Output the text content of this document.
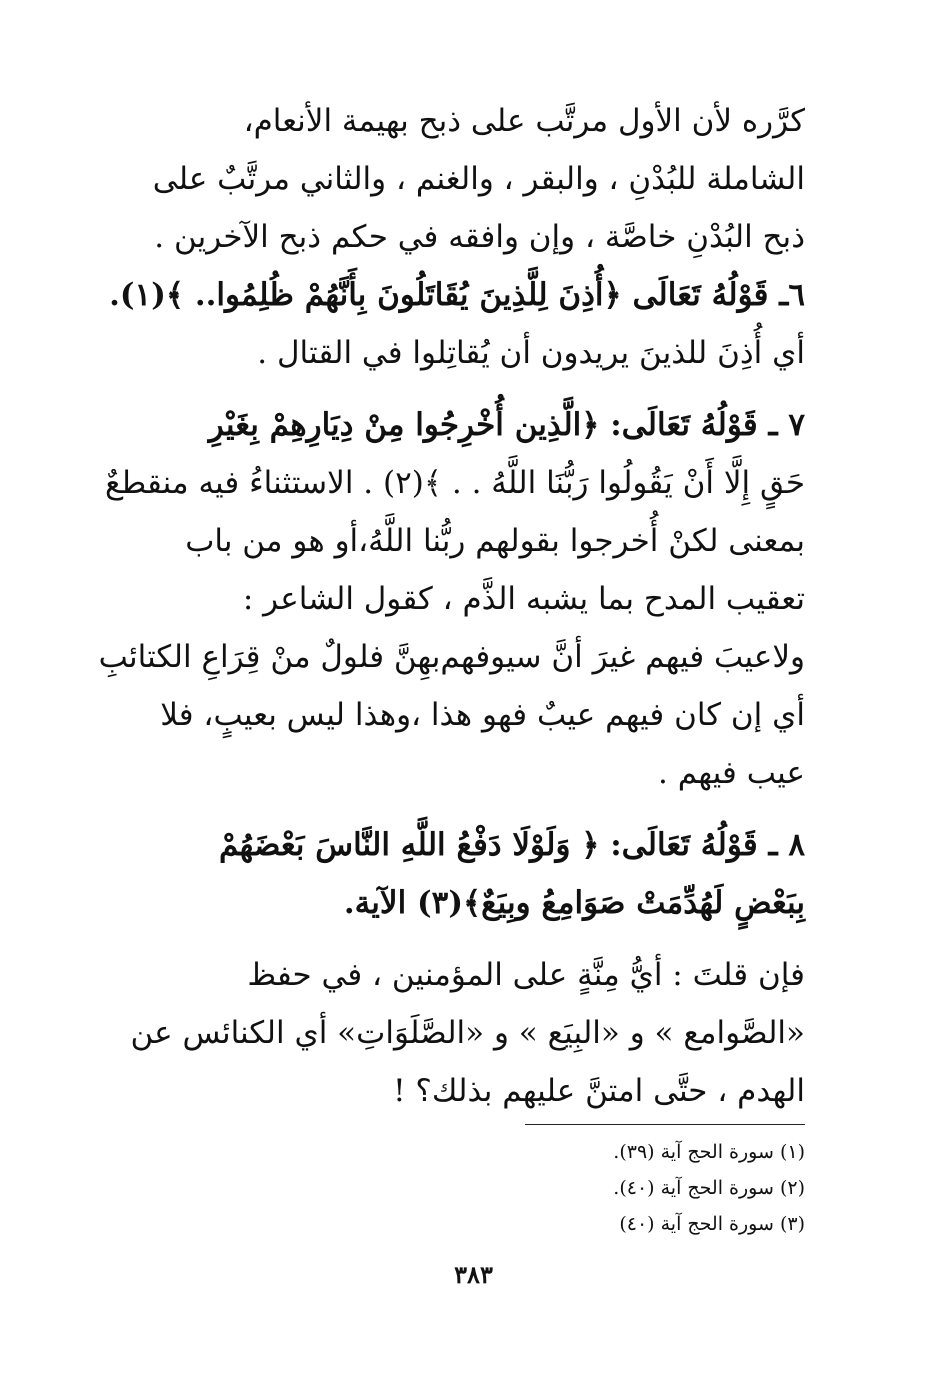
كرَّره لأن الأول مرتَّب على ذبح بهيمة الأنعام،
الشاملة للبُدْنِ ، والبقر ، والغنم ، والثاني مرتَّبٌ على
ذبح البُدْنِ خاصَّة ، وإن وافقه في حكم ذبح الآخرين .
٦ـ قَوْلُهُ تَعَالَى ﴿أُذِنَ لِلَّذِينَ يُقَاتَلُونَ بِأَنَّهُمْ ظُلِمُوا.. ﴾(١).
أي أُذِنَ للذينَ يريدون أن يُقاتِلوا في القتال .
٧ ـ قَوْلُهُ تَعَالَى: ﴿الَّذِين أُخْرِجُوا مِنْ دِيَارِهِمْ بِغَيْرِ
حَقٍ إِلَّا أَنْ يَقُولُوا رَبُّنَا اللَّهُ . . ﴾(٢) . الاستثناءُ فيه منقطعٌ
بمعنى لكنْ أُخرجوا بقولهم ربُّنا اللَّهُ،أو هو من باب
تعقيب المدح بما يشبه الذَّم ، كقول الشاعر :
ولاعيبَ فيهم غيرَ أنَّ سيوفهم
بهِنَّ فلولٌ منْ قِرَاعِ الكتائبِ
أي إن كان فيهم عيبٌ فهو هذا ،وهذا ليس بعيبٍ، فلا
عيب فيهم .
٨ ـ قَوْلُهُ تَعَالَى: ﴿ وَلَوْلَا دَفْعُ اللَّهِ النَّاسَ بَعْضَهُمْ
بِبَعْضٍ لَهُدِّمَتْ صَوَامِعُ وبِيَعٌ﴾(٣) الآية.
فإن قلتَ : أيُّ مِنَّةٍ على المؤمنين ، في حفظ
«الصَّوامع » و «البِيَع » و «الصَّلَوَاتِ» أي الكنائس عن
الهدم ، حتَّى امتنَّ عليهم بذلك؟ !
(١) سورة الحج آية (٣٩).
(٢) سورة الحج آية (٤٠).
(٣) سورة الحج آية (٤٠)
٣٨٣
